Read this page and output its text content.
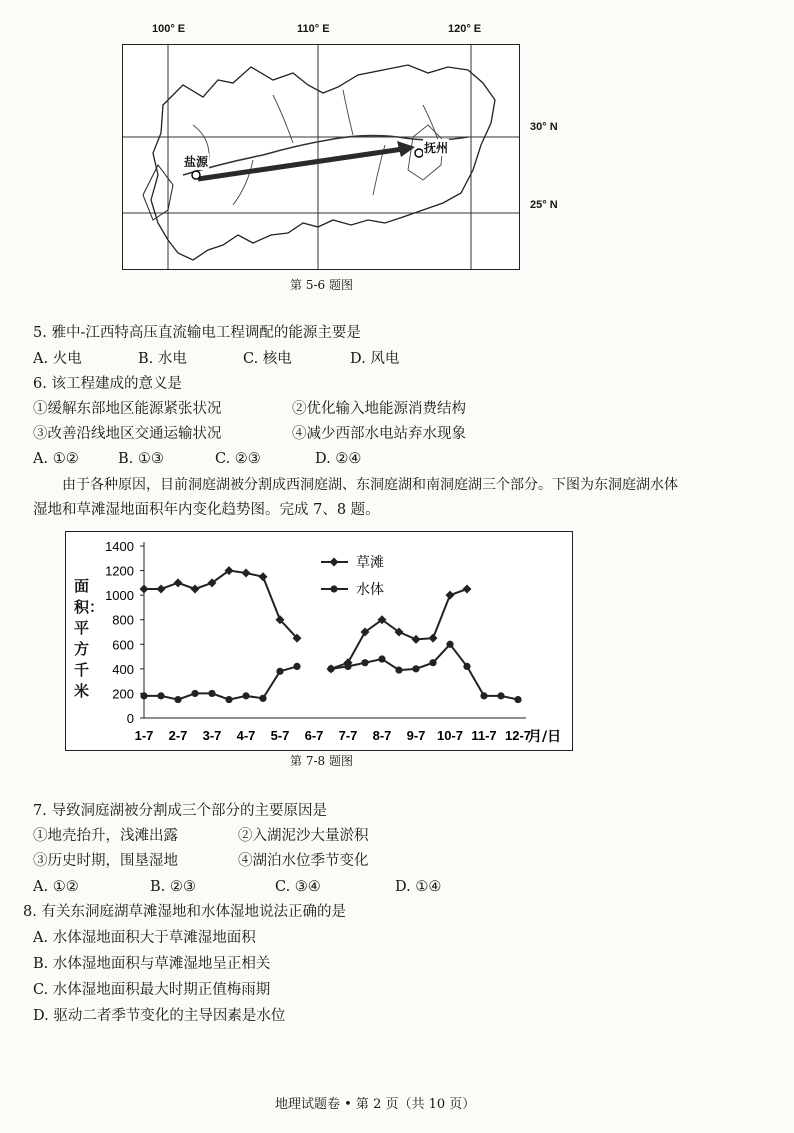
100° E	110° E	120° E
盐源
抚州
30° N
25° N
第 5-6 题图
5. 雅中-江西特高压直流输电工程调配的能源主要是
A. 火电	B. 水电	C. 核电	D. 风电
6. 该工程建成的意义是
①缓解东部地区能源紧张状况	②优化输入地能源消费结构
③改善沿线地区交通运输状况	④减少西部水电站弃水现象
A. ①②	B. ①③	C. ②③	D. ②④
由于各种原因，目前洞庭湖被分割成西洞庭湖、东洞庭湖和南洞庭湖三个部分。下图为东洞庭湖水体
湿地和草滩湿地面积年内变化趋势图。完成 7、8 题。
面积：平方千米
0
200
400
600
800
1000
1200
1400
1-7 2-7 3-7 4-7 5-7 6-7 7-7 8-7 9-7 10-7 11-7 12-7
月/日
草滩
水体
第 7-8 题图
7. 导致洞庭湖被分割成三个部分的主要原因是
①地壳抬升，浅滩出露	②入湖泥沙大量淤积
③历史时期，围垦湿地	④湖泊水位季节变化
A. ①②	B. ②③	C. ③④	D. ①④
8. 有关东洞庭湖草滩湿地和水体湿地说法正确的是
A. 水体湿地面积大于草滩湿地面积
B. 水体湿地面积与草滩湿地呈正相关
C. 水体湿地面积最大时期正值梅雨期
D. 驱动二者季节变化的主导因素是水位
地理试题卷 • 第 2 页（共 10 页）
